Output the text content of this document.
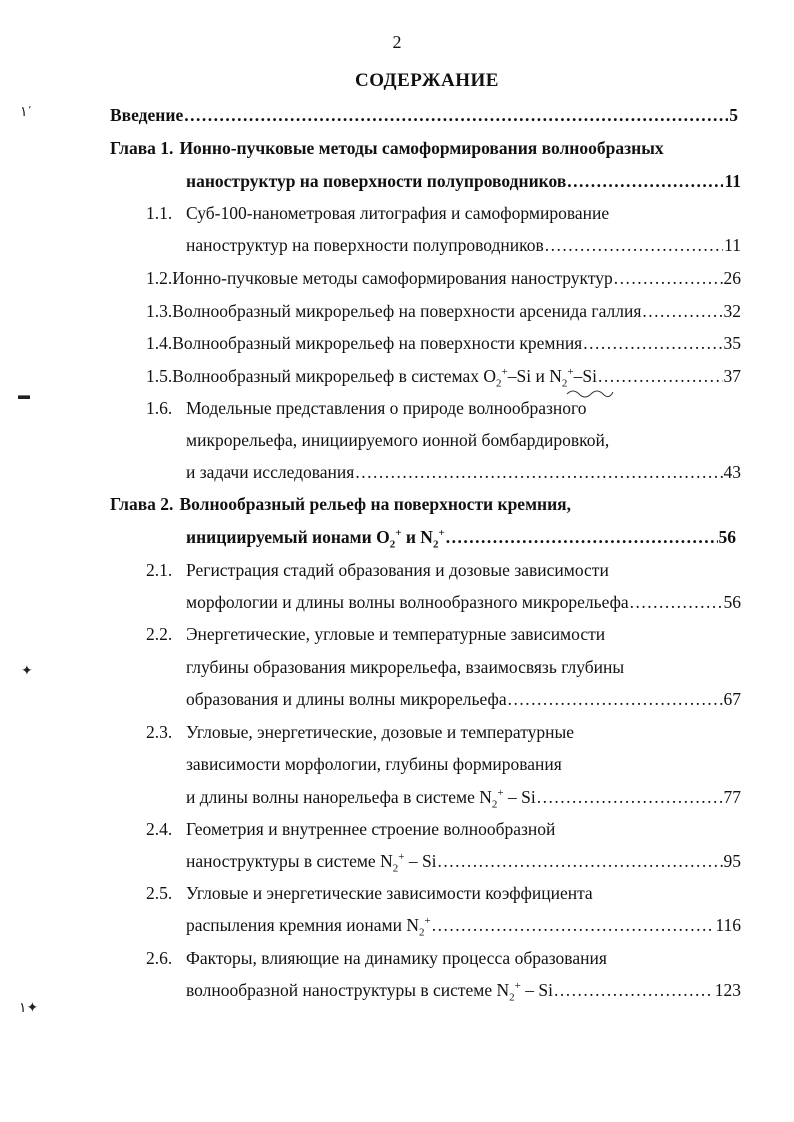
2
СОДЕРЖАНИЕ
١΄
▬
✦
١✦
Введение .....	5
Глава 1. Ионно-пучковые методы самоформирования волнообразных
наноструктур на поверхности полупроводников .....	11
1.1. Суб-100-нанометровая литография и самоформирование
наноструктур на поверхности полупроводников .....	11
1.2. Ионно-пучковые методы самоформирования наноструктур .....	26
1.3. Волнообразный микрорельеф на поверхности арсенида галлия .....	32
1.4. Волнообразный микрорельеф на поверхности кремния .....	35
1.5. Волнообразный микрорельеф в системах $O_2^+-Si$ и $N_2^+-Si$ .....	37
1.6. Модельные представления о природе волнообразного
микрорельефа, инициируемого ионной бомбардировкой,
и задачи исследования .....	43
Глава 2. Волнообразный рельеф на поверхности кремния,
инициируемый ионами $O_2^+$ и $N_2^+$ .....	56
2.1. Регистрация стадий образования и дозовые зависимости
морфологии и длины волны волнообразного микрорельефа .....	56
2.2. Энергетические, угловые и температурные зависимости
глубины образования микрорельефа, взаимосвязь глубины
образования и длины волны микрорельефа .....	67
2.3. Угловые, энергетические, дозовые и температурные
зависимости морфологии, глубины формирования
и длины волны нанорельефа в системе $N_2^+$ – Si .....	77
2.4. Геометрия и внутреннее строение волнообразной
наноструктуры в системе $N_2^+$ – Si .....	95
2.5. Угловые и энергетические зависимости коэффициента
распыления кремния ионами $N_2^+$ .....	116
2.6. Факторы, влияющие на динамику процесса образования
волнообразной наноструктуры в системе $N_2^+$ – Si .....	123
